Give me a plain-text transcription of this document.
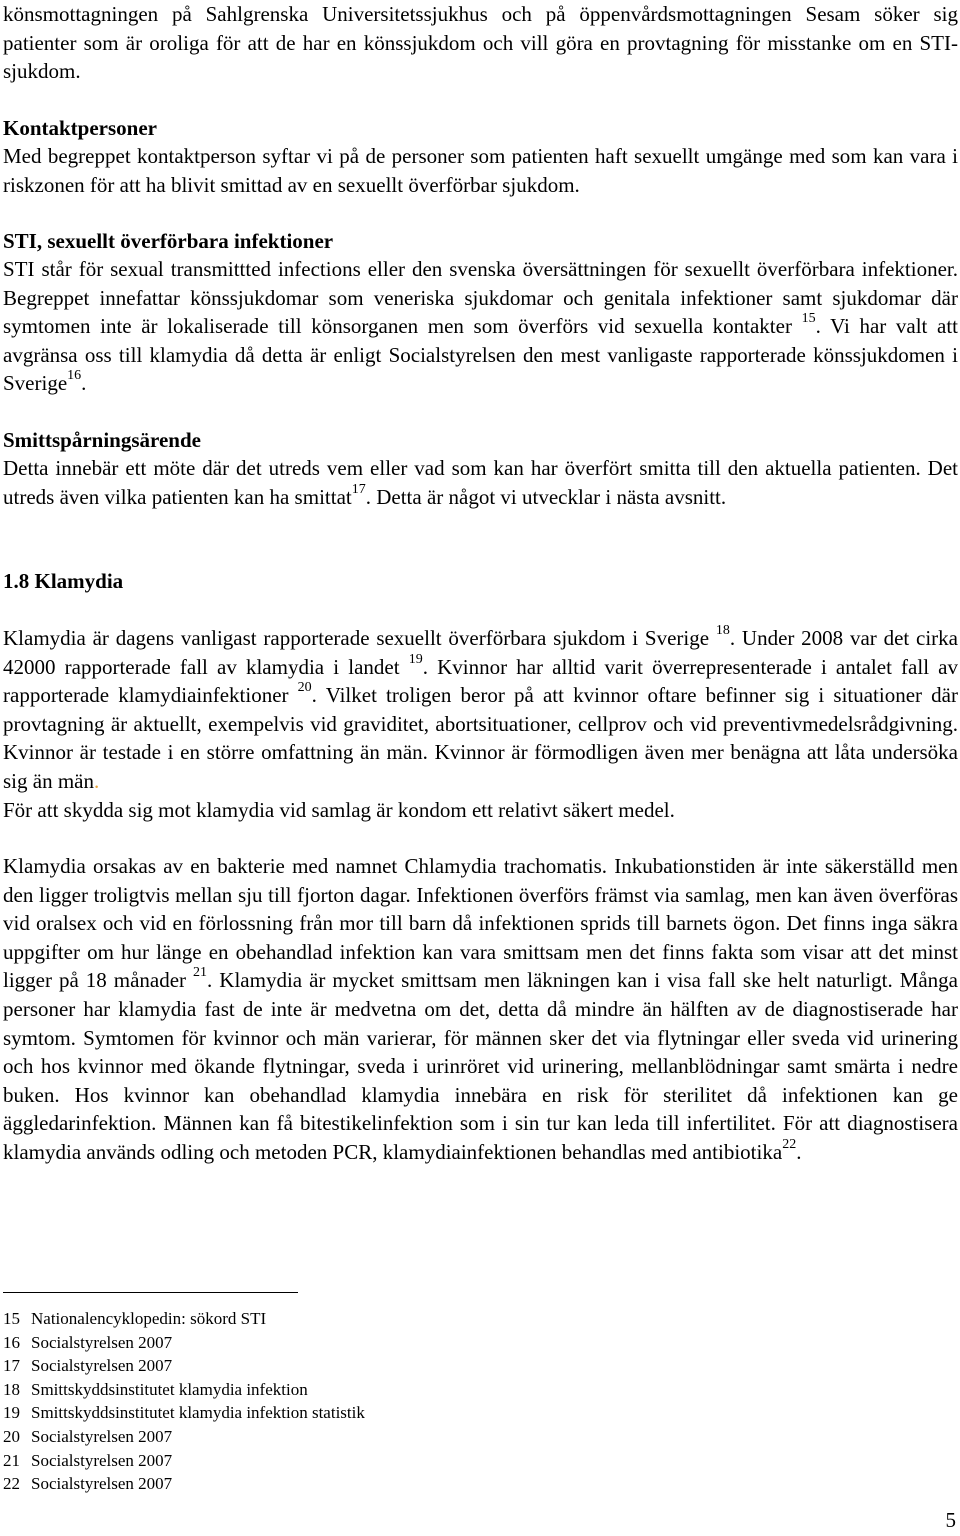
könsmottagningen på Sahlgrenska Universitetssjukhus och på öppenvårdsmottagningen Sesam söker sig patienter som är oroliga för att de har en könssjukdom och vill göra en provtagning för misstanke om en STI-sjukdom.

Kontaktpersoner

Med begreppet kontaktperson syftar vi på de personer som patienten haft sexuellt umgänge med som kan vara i riskzonen för att ha blivit smittad av en sexuellt överförbar sjukdom.

STI, sexuellt överförbara infektioner

STI står för sexual transmittted infections eller den svenska översättningen för sexuellt överförbara infektioner. Begreppet innefattar könssjukdomar som veneriska sjukdomar och genitala infektioner samt sjukdomar där symtomen inte är lokaliserade till könsorganen men som överförs vid sexuella kontakter $^{15}$. Vi har valt att avgränsa oss till klamydia då detta är enligt Socialstyrelsen den mest vanligaste rapporterade könssjukdomen i Sverige$^{16}$.

Smittspårningsärende

Detta innebär ett möte där det utreds vem eller vad som kan har överfört smitta till den aktuella patienten. Det utreds även vilka patienten kan ha smittat$^{17}$. Detta är något vi utvecklar i nästa avsnitt.

1.8 Klamydia

Klamydia är dagens vanligast rapporterade sexuellt överförbara sjukdom i Sverige $^{18}$. Under 2008 var det cirka 42000 rapporterade fall av klamydia i landet $^{19}$. Kvinnor har alltid varit överrepresenterade i antalet fall av rapporterade klamydiainfektioner $^{20}$. Vilket troligen beror på att kvinnor oftare befinner sig i situationer där provtagning är aktuellt, exempelvis vid graviditet, abortsituationer, cellprov och vid preventivmedelsrådgivning. Kvinnor är testade i en större omfattning än män. Kvinnor är förmodligen även mer benägna att låta undersöka sig än män.
För att skydda sig mot klamydia vid samlag är kondom ett relativt säkert medel.

Klamydia orsakas av en bakterie med namnet Chlamydia trachomatis. Inkubationstiden är inte säkerställd men den ligger troligtvis mellan sju till fjorton dagar. Infektionen överförs främst via samlag, men kan även överföras vid oralsex och vid en förlossning från mor till barn då infektionen sprids till barnets ögon. Det finns inga säkra uppgifter om hur länge en obehandlad infektion kan vara smittsam men det finns fakta som visar att det minst ligger på 18 månader $^{21}$. Klamydia är mycket smittsam men läkningen kan i visa fall ske helt naturligt. Många personer har klamydia fast de inte är medvetna om det, detta då mindre än hälften av de diagnostiserade har symtom. Symtomen för kvinnor och män varierar, för männen sker det via flytningar eller sveda vid urinering och hos kvinnor med ökande flytningar, sveda i urinröret vid urinering, mellanblödningar samt smärta i nedre buken. Hos kvinnor kan obehandlad klamydia innebära en risk för sterilitet då infektionen kan ge äggledarinfektion. Männen kan få bitestikelinfektion som i sin tur kan leda till infertilitet. För att diagnostisera klamydia används odling och metoden PCR, klamydiainfektionen behandlas med antibiotika$^{22}$.

15 Nationalencyklopedin: sökord STI
16 Socialstyrelsen 2007
17 Socialstyrelsen 2007
18 Smittskyddsinstitutet klamydia infektion
19 Smittskyddsinstitutet klamydia infektion statistik
20 Socialstyrelsen 2007
21 Socialstyrelsen 2007
22 Socialstyrelsen 2007
5
